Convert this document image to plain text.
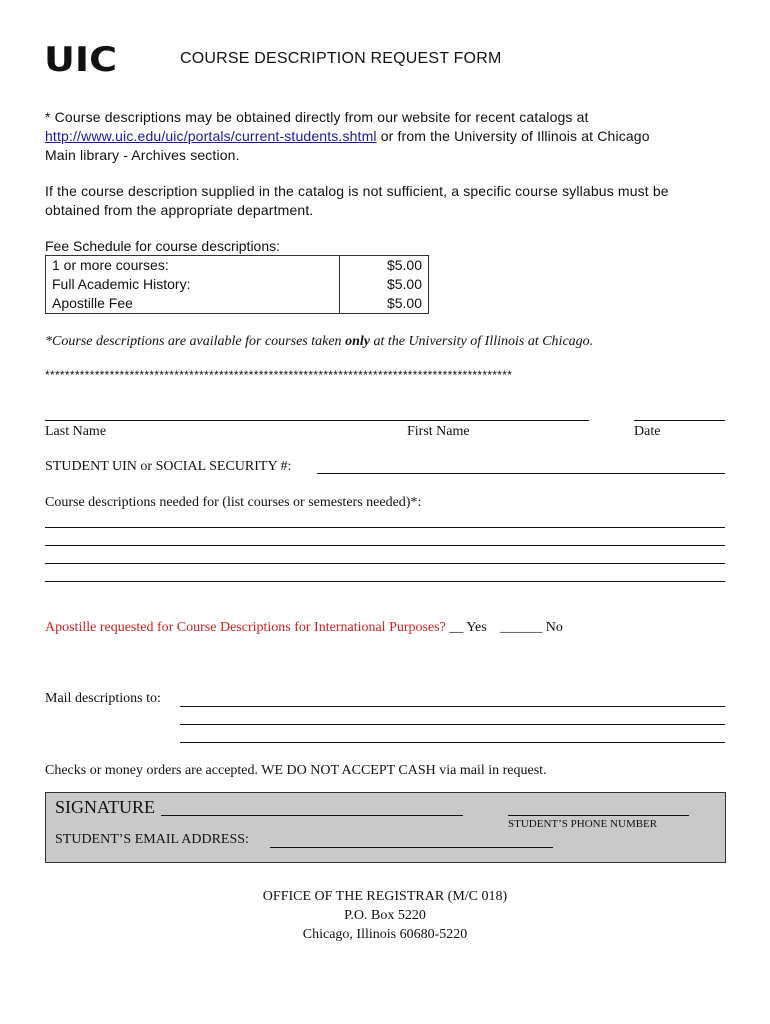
UIC	COURSE DESCRIPTION REQUEST FORM
* Course descriptions may be obtained directly from our website for recent catalogs at
http://www.uic.edu/uic/portals/current-students.shtml or from the University of Illinois at Chicago
Main library - Archives section.
If the course description supplied in the catalog is not sufficient, a specific course syllabus must be
obtained from the appropriate department.
Fee Schedule for course descriptions:
1 or more courses:	$5.00
Full Academic History:	$5.00
Apostille Fee	$5.00
*Course descriptions are available for courses taken only at the University of Illinois at Chicago.
**********************************************************************************************
Last Name	First Name	Date
STUDENT UIN or SOCIAL SECURITY #:
Course descriptions needed for (list courses or semesters needed)*:
Apostille requested for Course Descriptions for International Purposes? __ Yes ______ No
Mail descriptions to:
Checks or money orders are accepted. WE DO NOT ACCEPT CASH via mail in request.
SIGNATURE
STUDENT’S PHONE NUMBER
STUDENT’S EMAIL ADDRESS:
OFFICE OF THE REGISTRAR (M/C 018)
P.O. Box 5220
Chicago, Illinois 60680-5220
